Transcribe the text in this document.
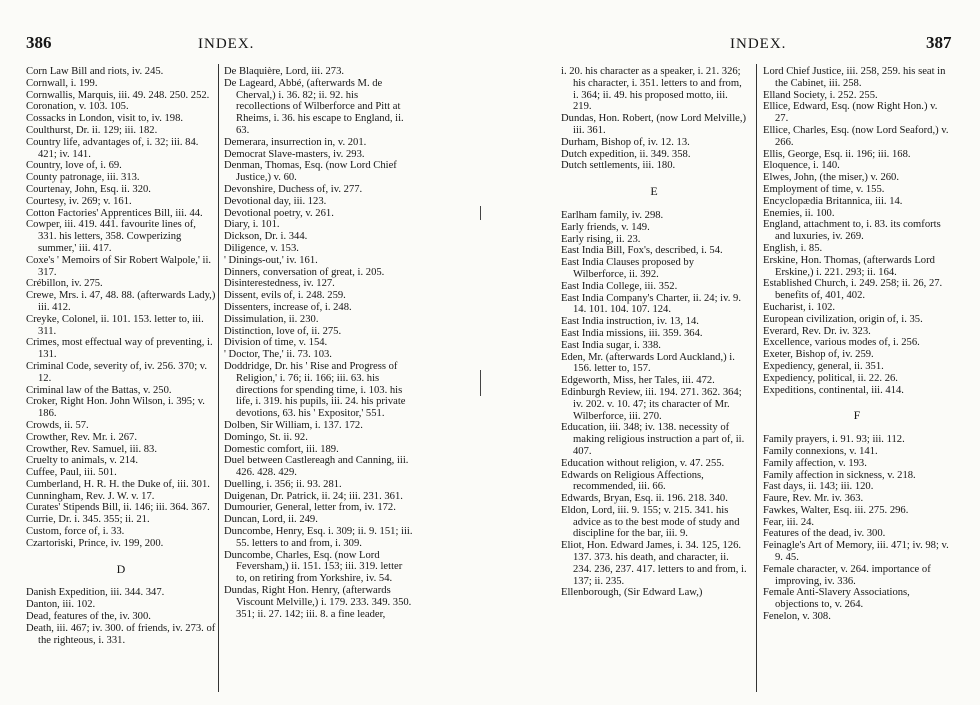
386	INDEX.
Corn Law Bill and riots, iv. 245.
Cornwall, i. 199.
Cornwallis, Marquis, iii. 49. 248. 250. 252.
Coronation, v. 103. 105.
Cossacks in London, visit to, iv. 198.
Coulthurst, Dr. ii. 129; iii. 182.
Country life, advantages of, i. 32; iii. 84. 421; iv. 141.
Country, love of, i. 69.
County patronage, iii. 313.
Courtenay, John, Esq. ii. 320.
Courtesy, iv. 269; v. 161.
Cotton Factories' Apprentices Bill, iii. 44.
Cowper, iii. 419. 441. favourite lines of, 331. his letters, 358. Cowperizing summer,' iii. 417.
Coxe's ' Memoirs of Sir Robert Walpole,' ii. 317.
Crébillon, iv. 275.
Crewe, Mrs. i. 47, 48. 88. (afterwards Lady,) iii. 412.
Creyke, Colonel, ii. 101. 153. letter to, iii. 311.
Crimes, most effectual way of preventing, i. 131.
Criminal Code, severity of, iv. 256. 370; v. 12.
Criminal law of the Battas, v. 250.
Croker, Right Hon. John Wilson, i. 395; v. 186.
Crowds, ii. 57.
Crowther, Rev. Mr. i. 267.
Crowther, Rev. Samuel, iii. 83.
Cruelty to animals, v. 214.
Cuffee, Paul, iii. 501.
Cumberland, H. R. H. the Duke of, iii. 301.
Cunningham, Rev. J. W. v. 17.
Curates' Stipends Bill, ii. 146; iii. 364. 367.
Currie, Dr. i. 345. 355; ii. 21.
Custom, force of, i. 33.
Czartoriski, Prince, iv. 199, 200.
D
Danish Expedition, iii. 344. 347.
Danton, iii. 102.
Dead, features of the, iv. 300.
Death, iii. 467; iv. 300. of friends, iv. 273. of the righteous, i. 331.
De Blaquière, Lord, iii. 273.
De Lageard, Abbé, (afterwards M. de Cherval,) i. 36. 82; ii. 92. his recollections of Wilberforce and Pitt at Rheims, i. 36. his escape to England, ii. 63.
Demerara, insurrection in, v. 201.
Democrat Slave-masters, iv. 293.
Denman, Thomas, Esq. (now Lord Chief Justice,) v. 60.
Devonshire, Duchess of, iv. 277.
Devotional day, iii. 123.
Devotional poetry, v. 261.
Diary, i. 101.
Dickson, Dr. i. 344.
Diligence, v. 153.
' Dinings-out,' iv. 161.
Dinners, conversation of great, i. 205.
Disinterestedness, iv. 127.
Dissent, evils of, i. 248. 259.
Dissenters, increase of, i. 248.
Dissimulation, ii. 230.
Distinction, love of, ii. 275.
Division of time, v. 154.
' Doctor, The,' ii. 73. 103.
Doddridge, Dr. his ' Rise and Progress of Religion,' i. 76; ii. 166; iii. 63. his directions for spending time, i. 103. his life, i. 319. his pupils, iii. 24. his private devotions, 63. his ' Expositor,' 551.
Dolben, Sir William, i. 137. 172.
Domingo, St. ii. 92.
Domestic comfort, iii. 189.
Duel between Castlereagh and Canning, iii. 426. 428. 429.
Duelling, i. 356; ii. 93. 281.
Duigenan, Dr. Patrick, ii. 24; iii. 231. 361.
Dumourier, General, letter from, iv. 172.
Duncan, Lord, ii. 249.
Duncombe, Henry, Esq. i. 309; ii. 9. 151; iii. 55. letters to and from, i. 309.
Duncombe, Charles, Esq. (now Lord Feversham,) ii. 151. 153; iii. 319. letter to, on retiring from Yorkshire, iv. 54.
Dundas, Right Hon. Henry, (afterwards Viscount Melville,) i. 179. 233. 349. 350. 351; ii. 27. 142; iii. 8. a fine leader,
INDEX.	387
i. 20. his character as a speaker, i. 21. 326; his character, i. 351. letters to and from, i. 364; ii. 49. his proposed motto, iii. 219.
Dundas, Hon. Robert, (now Lord Melville,) iii. 361.
Durham, Bishop of, iv. 12. 13.
Dutch expedition, ii. 349. 358.
Dutch settlements, iii. 180.
E
Earlham family, iv. 298.
Early friends, v. 149.
Early rising, ii. 23.
East India Bill, Fox's, described, i. 54.
East India Clauses proposed by Wilberforce, ii. 392.
East India College, iii. 352.
East India Company's Charter, ii. 24; iv. 9. 14. 101. 104. 107. 124.
East India instruction, iv. 13, 14.
East India missions, iii. 359. 364.
East India sugar, i. 338.
Eden, Mr. (afterwards Lord Auckland,) i. 156. letter to, 157.
Edgeworth, Miss, her Tales, iii. 472.
Edinburgh Review, iii. 194. 271. 362. 364; iv. 202. v. 10. 47; its character of Mr. Wilberforce, iii. 270.
Education, iii. 348; iv. 138. necessity of making religious instruction a part of, ii. 407.
Education without religion, v. 47. 255.
Edwards on Religious Affections, recommended, iii. 66.
Edwards, Bryan, Esq. ii. 196. 218. 340.
Eldon, Lord, iii. 9. 155; v. 215. 341. his advice as to the best mode of study and discipline for the bar, iii. 9.
Eliot, Hon. Edward James, i. 34. 125, 126. 137. 373. his death, and character, ii. 234. 236, 237. 417. letters to and from, i. 137; ii. 235.
Ellenborough, (Sir Edward Law,)
Lord Chief Justice, iii. 258, 259. his seat in the Cabinet, iii. 258.
Elland Society, i. 252. 255.
Ellice, Edward, Esq. (now Right Hon.) v. 27.
Ellice, Charles, Esq. (now Lord Seaford,) v. 266.
Ellis, George, Esq. ii. 196; iii. 168.
Eloquence, i. 140.
Elwes, John, (the miser,) v. 260.
Employment of time, v. 155.
Encyclopædia Britannica, iii. 14.
Enemies, ii. 100.
England, attachment to, i. 83. its comforts and luxuries, iv. 269.
English, i. 85.
Erskine, Hon. Thomas, (afterwards Lord Erskine,) i. 221. 293; ii. 164.
Established Church, i. 249. 258; ii. 26, 27. benefits of, 401, 402.
Eucharist, i. 102.
European civilization, origin of, i. 35.
Everard, Rev. Dr. iv. 323.
Excellence, various modes of, i. 256.
Exeter, Bishop of, iv. 259.
Expediency, general, ii. 351.
Expediency, political, ii. 22. 26.
Expeditions, continental, iii. 414.
F
Family prayers, i. 91. 93; iii. 112.
Family connexions, v. 141.
Family affection, v. 193.
Family affection in sickness, v. 218.
Fast days, ii. 143; iii. 120.
Faure, Rev. Mr. iv. 363.
Fawkes, Walter, Esq. iii. 275. 296.
Fear, iii. 24.
Features of the dead, iv. 300.
Feinagle's Art of Memory, iii. 471; iv. 98; v. 9. 45.
Female character, v. 264. importance of improving, iv. 336.
Female Anti-Slavery Associations, objections to, v. 264.
Fenelon, v. 308.
